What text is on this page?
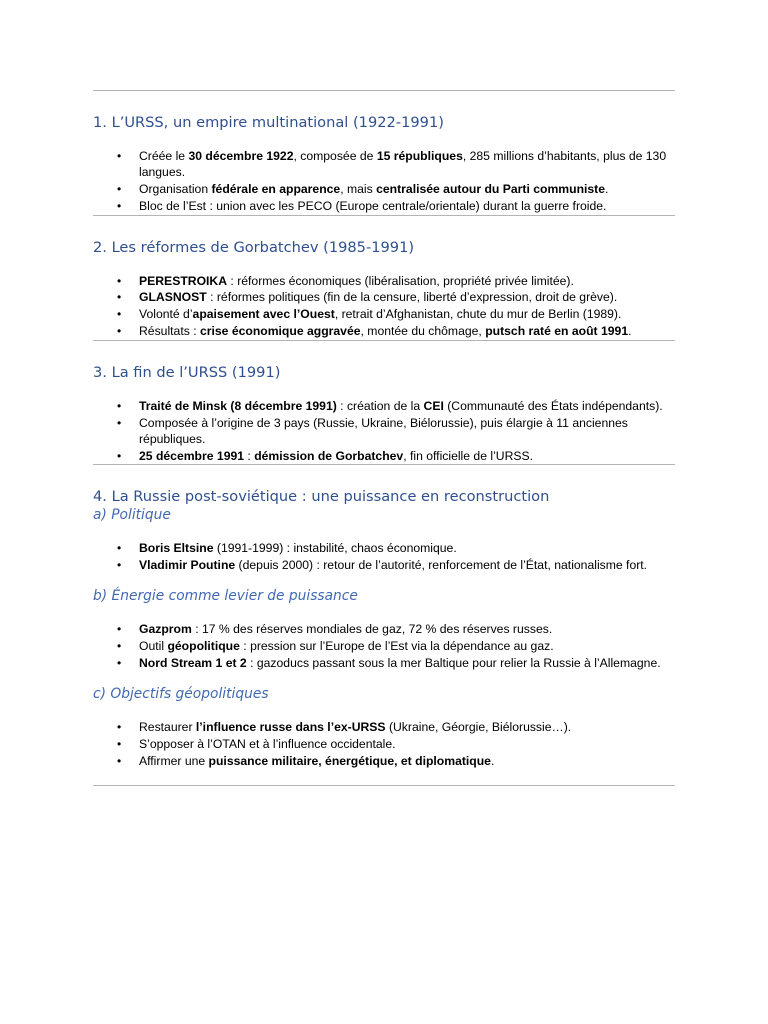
1. L’URSS, un empire multinational (1922-1991)
• Créée le 30 décembre 1922, composée de 15 républiques, 285 millions d’habitants, plus de 130 langues.
• Organisation fédérale en apparence, mais centralisée autour du Parti communiste.
• Bloc de l’Est : union avec les PECO (Europe centrale/orientale) durant la guerre froide.
2. Les réformes de Gorbatchev (1985-1991)
• PERESTROIKA : réformes économiques (libéralisation, propriété privée limitée).
• GLASNOST : réformes politiques (fin de la censure, liberté d’expression, droit de grève).
• Volonté d’apaisement avec l’Ouest, retrait d’Afghanistan, chute du mur de Berlin (1989).
• Résultats : crise économique aggravée, montée du chômage, putsch raté en août 1991.
3. La fin de l’URSS (1991)
• Traité de Minsk (8 décembre 1991) : création de la CEI (Communauté des États indépendants).
• Composée à l’origine de 3 pays (Russie, Ukraine, Biélorussie), puis élargie à 11 anciennes républiques.
• 25 décembre 1991 : démission de Gorbatchev, fin officielle de l’URSS.
4. La Russie post-soviétique : une puissance en reconstruction
a) Politique
• Boris Eltsine (1991-1999) : instabilité, chaos économique.
• Vladimir Poutine (depuis 2000) : retour de l’autorité, renforcement de l’État, nationalisme fort.
b) Énergie comme levier de puissance
• Gazprom : 17 % des réserves mondiales de gaz, 72 % des réserves russes.
• Outil géopolitique : pression sur l’Europe de l’Est via la dépendance au gaz.
• Nord Stream 1 et 2 : gazoducs passant sous la mer Baltique pour relier la Russie à l’Allemagne.
c) Objectifs géopolitiques
• Restaurer l’influence russe dans l’ex-URSS (Ukraine, Géorgie, Biélorussie…).
• S’opposer à l’OTAN et à l’influence occidentale.
• Affirmer une puissance militaire, énergétique, et diplomatique.
